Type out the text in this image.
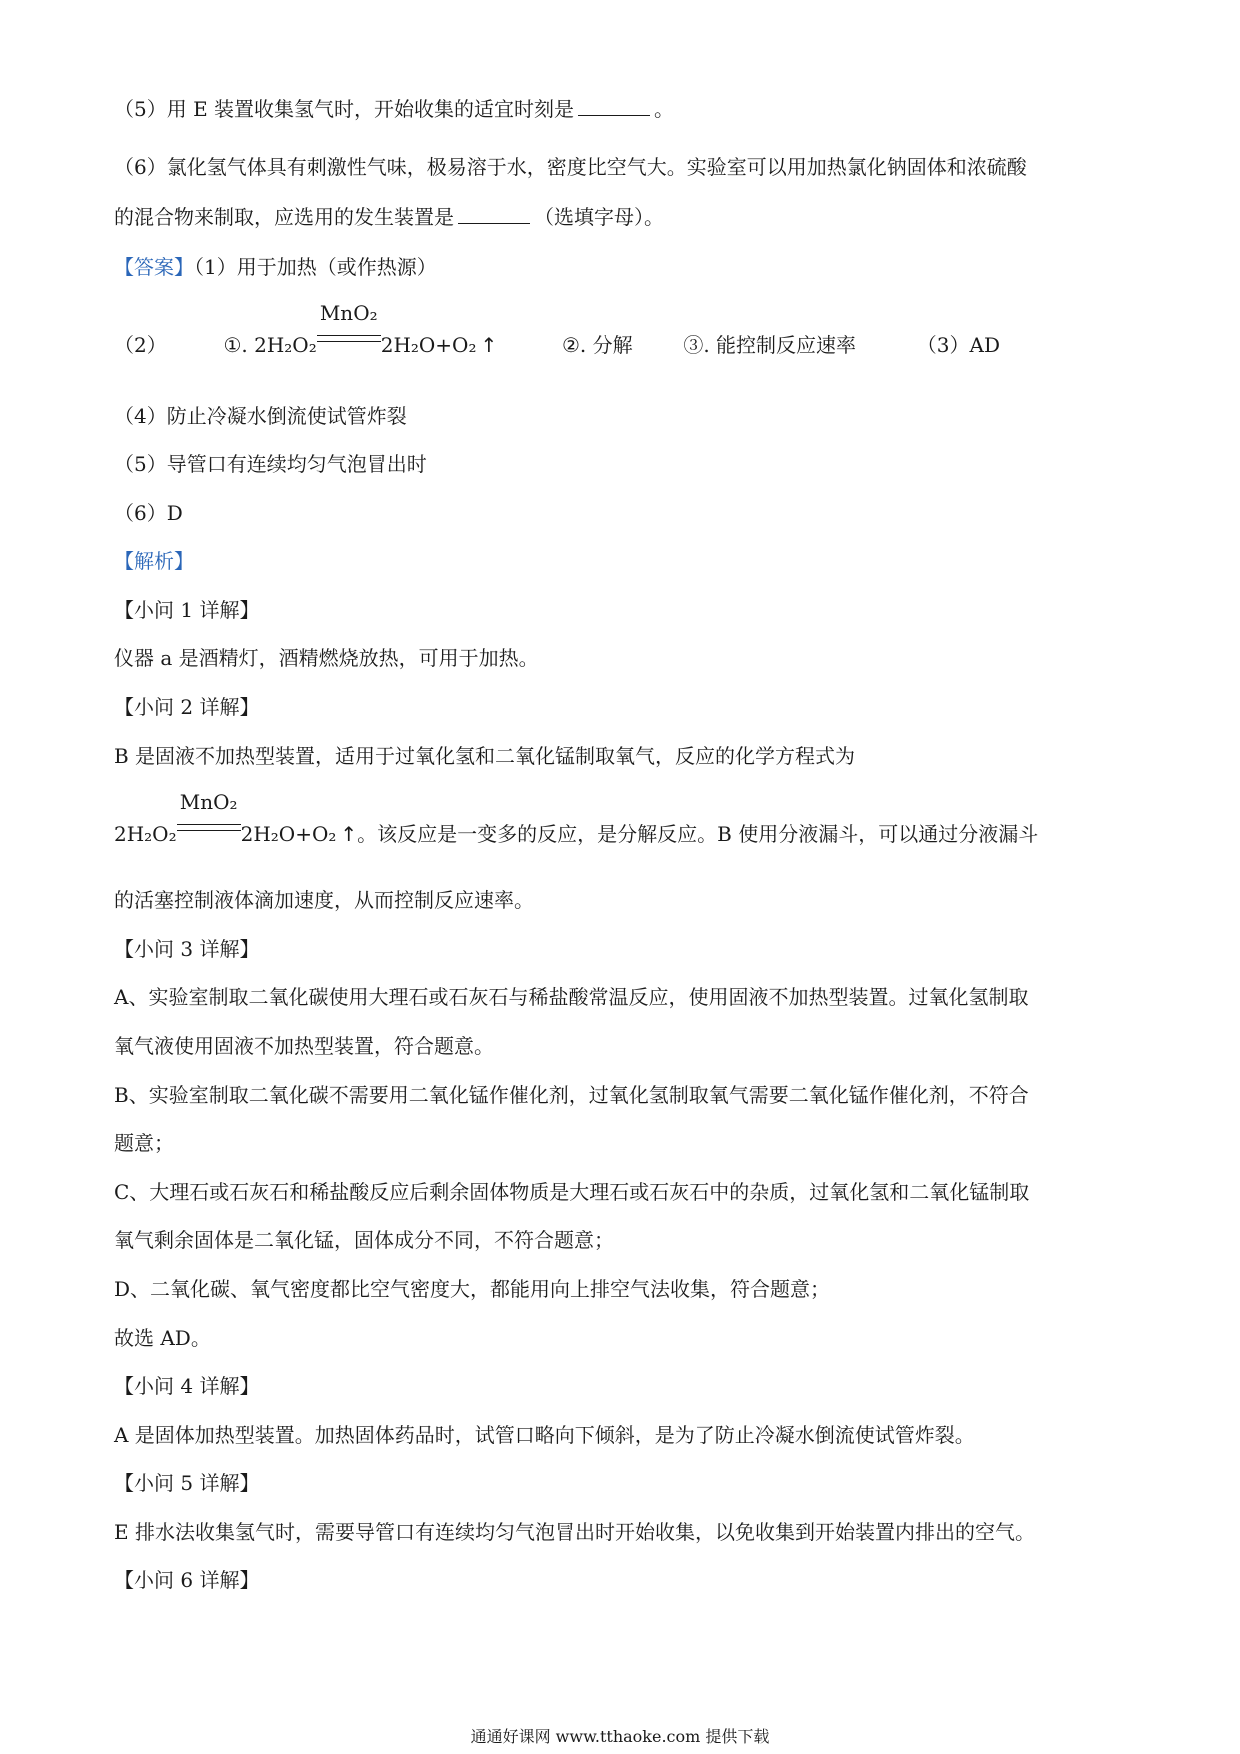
（5）用 E 装置收集氢气时，开始收集的适宜时刻是	。
（6）氯化氢气体具有刺激性气味，极易溶于水，密度比空气大。实验室可以用加热氯化钠固体和浓硫酸
的混合物来制取，应选用的发生装置是	（选填字母）。
【答案】（1）用于加热（或作热源）
（2）	①. 2H₂O₂
MnO₂
2H₂O+O₂ ↑	②. 分解	③. 能控制反应速率	（3）AD
（4）防止冷凝水倒流使试管炸裂
（5）导管口有连续均匀气泡冒出时
（6）D
【解析】
【小问 1 详解】
仪器 a 是酒精灯，酒精燃烧放热，可用于加热。
【小问 2 详解】
B 是固液不加热型装置，适用于过氧化氢和二氧化锰制取氧气，反应的化学方程式为
2H₂O₂
MnO₂
2H₂O+O₂ ↑。该反应是一变多的反应，是分解反应。B 使用分液漏斗，可以通过分液漏斗
的活塞控制液体滴加速度，从而控制反应速率。
【小问 3 详解】
A、实验室制取二氧化碳使用大理石或石灰石与稀盐酸常温反应，使用固液不加热型装置。过氧化氢制取
氧气液使用固液不加热型装置，符合题意。
B、实验室制取二氧化碳不需要用二氧化锰作催化剂，过氧化氢制取氧气需要二氧化锰作催化剂，不符合
题意；
C、大理石或石灰石和稀盐酸反应后剩余固体物质是大理石或石灰石中的杂质，过氧化氢和二氧化锰制取
氧气剩余固体是二氧化锰，固体成分不同，不符合题意；
D、二氧化碳、氧气密度都比空气密度大，都能用向上排空气法收集，符合题意；
故选 AD。
【小问 4 详解】
A 是固体加热型装置。加热固体药品时，试管口略向下倾斜，是为了防止冷凝水倒流使试管炸裂。
【小问 5 详解】
E 排水法收集氢气时，需要导管口有连续均匀气泡冒出时开始收集，以免收集到开始装置内排出的空气。
【小问 6 详解】
通通好课网 www.tthaoke.com 提供下载
